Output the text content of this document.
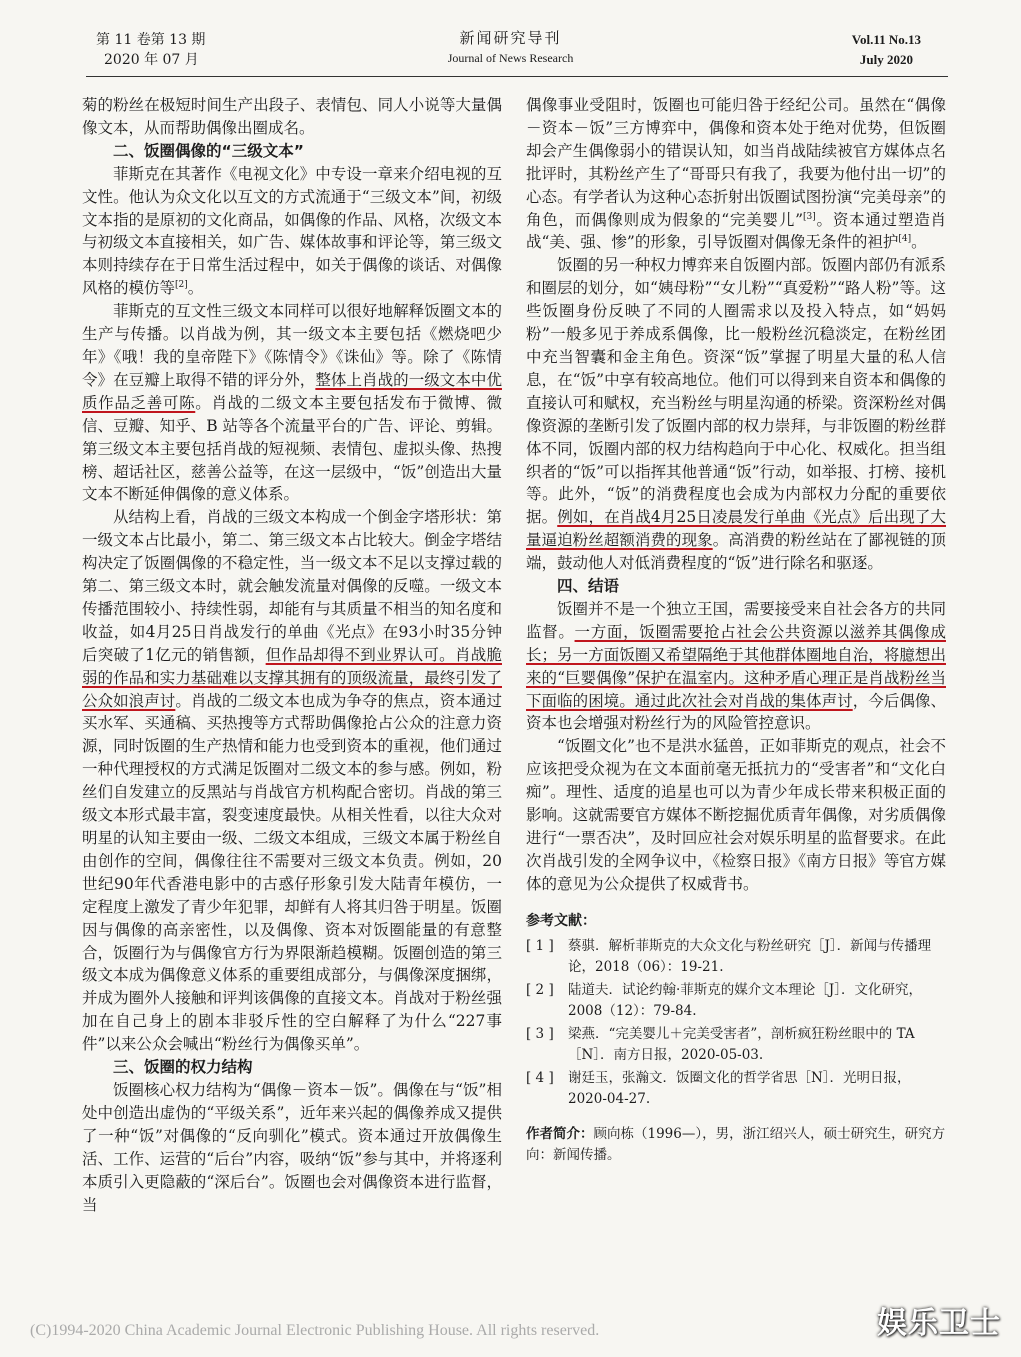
第 11 卷第 13 期
2020 年 07 月
新闻研究导刊
Journal of News Research
Vol.11 No.13
July 2020

菊的粉丝在极短时间生产出段子、表情包、同人小说等大量偶像文本，从而帮助偶像出圈成名。

二、饭圈偶像的“三级文本”

菲斯克在其著作《电视文化》中专设一章来介绍电视的互文性。他认为众文化以互文的方式流通于“三级文本”间，初级文本指的是原初的文化商品，如偶像的作品、风格，次级文本与初级文本直接相关，如广告、媒体故事和评论等，第三级文本则持续存在于日常生活过程中，如关于偶像的谈话、对偶像风格的模仿等[2]。

菲斯克的互文性三级文本同样可以很好地解释饭圈文本的生产与传播。以肖战为例，其一级文本主要包括《燃烧吧少年》《哦！我的皇帝陛下》《陈情令》《诛仙》等。除了《陈情令》在豆瓣上取得不错的评分外，整体上肖战的一级文本中优质作品乏善可陈。肖战的二级文本主要包括发布于微博、微信、豆瓣、知乎、B 站等各个流量平台的广告、评论、剪辑。第三级文本主要包括肖战的短视频、表情包、虚拟头像、热搜榜、超话社区，慈善公益等，在这一层级中，“饭”创造出大量文本不断延伸偶像的意义体系。

从结构上看，肖战的三级文本构成一个倒金字塔形状：第一级文本占比最小，第二、第三级文本占比较大。倒金字塔结构决定了饭圈偶像的不稳定性，当一级文本不足以支撑过载的第二、第三级文本时，就会触发流量对偶像的反噬。一级文本传播范围较小、持续性弱，却能有与其质量不相当的知名度和收益，如4月25日肖战发行的单曲《光点》在93小时35分钟后突破了1亿元的销售额，但作品却得不到业界认可。肖战脆弱的作品和实力基础难以支撑其拥有的顶级流量，最终引发了公众如浪声讨。肖战的二级文本也成为争夺的焦点，资本通过买水军、买通稿、买热搜等方式帮助偶像抢占公众的注意力资源，同时饭圈的生产热情和能力也受到资本的重视，他们通过一种代理授权的方式满足饭圈对二级文本的参与感。例如，粉丝们自发建立的反黑站与肖战官方机构配合密切。肖战的第三级文本形式最丰富，裂变速度最快。从相关性看，以往大众对明星的认知主要由一级、二级文本组成，三级文本属于粉丝自由创作的空间，偶像往往不需要对三级文本负责。例如，20世纪90年代香港电影中的古惑仔形象引发大陆青年模仿，一定程度上激发了青少年犯罪，却鲜有人将其归咎于明星。饭圈因与偶像的高亲密性，以及偶像、资本对饭圈能量的有意整合，饭圈行为与偶像官方行为界限渐趋模糊。饭圈创造的第三级文本成为偶像意义体系的重要组成部分，与偶像深度捆绑，并成为圈外人接触和评判该偶像的直接文本。肖战对于粉丝强加在自己身上的剧本非驳斥性的空白解释了为什么“227事件”以来公众会喊出“粉丝行为偶像买单”。

三、饭圈的权力结构

饭圈核心权力结构为“偶像－资本－饭”。偶像在与“饭”相处中创造出虚伪的“平级关系”，近年来兴起的偶像养成又提供了一种“饭”对偶像的“反向驯化”模式。资本通过开放偶像生活、工作、运营的“后台”内容，吸纳“饭”参与其中，并将逐利本质引入更隐蔽的“深后台”。饭圈也会对偶像资本进行监督，当

偶像事业受阻时，饭圈也可能归咎于经纪公司。虽然在“偶像－资本－饭”三方博弈中，偶像和资本处于绝对优势，但饭圈却会产生偶像弱小的错误认知，如当肖战陆续被官方媒体点名批评时，其粉丝产生了“哥哥只有我了，我要为他付出一切”的心态。有学者认为这种心态折射出饭圈试图扮演“完美母亲”的角色，而偶像则成为假象的“完美婴儿”[3]。资本通过塑造肖战“美、强、惨”的形象，引导饭圈对偶像无条件的袒护[4]。

饭圈的另一种权力博弈来自饭圈内部。饭圈内部仍有派系和圈层的划分，如“姨母粉”“女儿粉”“真爱粉”“路人粉”等。这些饭圈身份反映了不同的人圈需求以及投入特点，如“妈妈粉”一般多见于养成系偶像，比一般粉丝沉稳淡定，在粉丝团中充当智囊和金主角色。资深“饭”掌握了明星大量的私人信息，在“饭”中享有较高地位。他们可以得到来自资本和偶像的直接认可和赋权，充当粉丝与明星沟通的桥梁。资深粉丝对偶像资源的垄断引发了饭圈内部的权力崇拜，与非饭圈的粉丝群体不同，饭圈内部的权力结构趋向于中心化、权威化。担当组织者的“饭”可以指挥其他普通“饭”行动，如举报、打榜、接机等。此外，“饭”的消费程度也会成为内部权力分配的重要依据。例如，在肖战4月25日凌晨发行单曲《光点》后出现了大量逼迫粉丝超额消费的现象。高消费的粉丝站在了鄙视链的顶端，鼓动他人对低消费程度的“饭”进行除名和驱逐。

四、结语

饭圈并不是一个独立王国，需要接受来自社会各方的共同监督。一方面，饭圈需要抢占社会公共资源以滋养其偶像成长；另一方面饭圈又希望隔绝于其他群体圈地自治，将臆想出来的“巨婴偶像”保护在温室内。这种矛盾心理正是肖战粉丝当下面临的困境。通过此次社会对肖战的集体声讨，今后偶像、资本也会增强对粉丝行为的风险管控意识。

“饭圈文化”也不是洪水猛兽，正如菲斯克的观点，社会不应该把受众视为在文本面前毫无抵抗力的“受害者”和“文化白痴”。理性、适度的追星也可以为青少年成长带来积极正面的影响。这就需要官方媒体不断挖掘优质青年偶像，对劣质偶像进行“一票否决”，及时回应社会对娱乐明星的监督要求。在此次肖战引发的全网争议中，《检察日报》《南方日报》等官方媒体的意见为公众提供了权威背书。

参考文献：
[ 1 ] 蔡骐．解析菲斯克的大众文化与粉丝研究［J］．新闻与传播理论，2018（06）：19-21.
[ 2 ] 陆道夫．试论约翰·菲斯克的媒介文本理论［J］．文化研究，2008（12）：79-84.
[ 3 ] 梁燕．“完美婴儿＋完美受害者”，剖析疯狂粉丝眼中的 TA［N］．南方日报，2020-05-03.
[ 4 ] 谢廷玉，张瀚文．饭圈文化的哲学省思［N］．光明日报，2020-04-27.
作者简介：顾向栋（1996—），男，浙江绍兴人，硕士研究生，研究方向：新闻传播。
(C)1994-2020 China Academic Journal Electronic Publishing House. All rights reserved.	娱乐卫士
